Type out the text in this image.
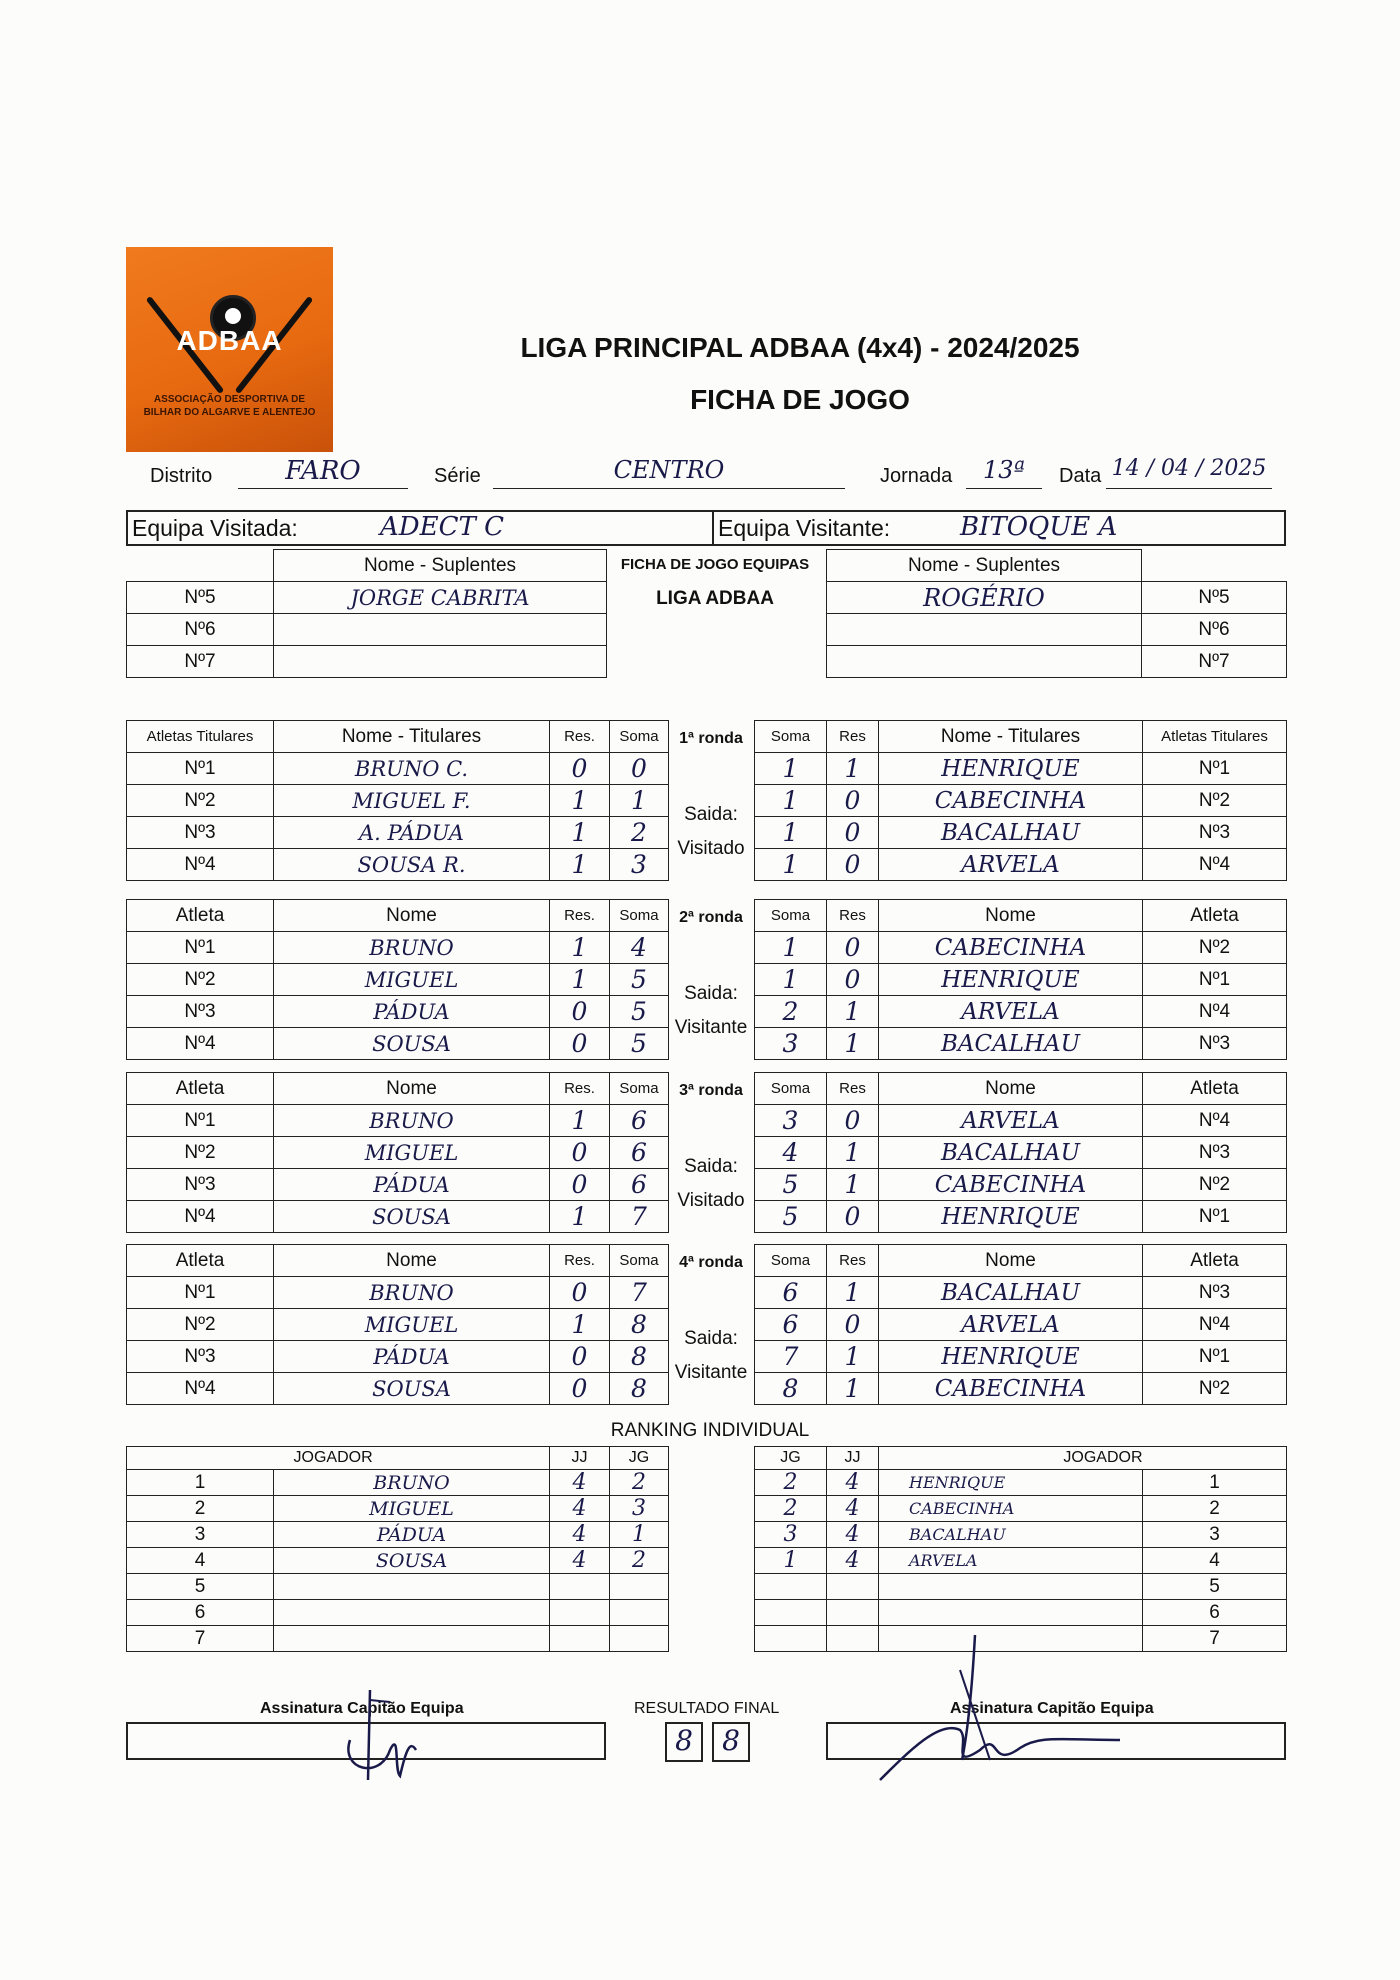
ADBAA
ASSOCIAÇÃO DESPORTIVA DE BILHAR DO ALGARVE E ALENTEJO
LIGA PRINCIPAL ADBAA (4x4) - 2024/2025
FICHA DE JOGO
Distrito	FARO	Série	CENTRO	Jornada	13ª	Data 14 / 04 / 2025
Equipa Visitada:	ADECT C	Equipa Visitante:	BITOQUE A
	Nome - Suplentes
Nº5	JORGE CABRITA
Nº6	
Nº7	
FICHA DE JOGO EQUIPAS
LIGA ADBAA
Nome - Suplentes	
ROGÉRIO	Nº5
	Nº6
	Nº7
Atletas Titulares	Nome - Titulares	Res.	Soma
Nº1	BRUNO C.	0	0
Nº2	MIGUEL F.	1	1
Nº3	A. PÁDUA	1	2
Nº4	SOUSA R.	1	3
1ª ronda
Saida:
Visitado
Soma	Res	Nome - Titulares	Atletas Titulares
1	1	HENRIQUE	Nº1
1	0	CABECINHA	Nº2
1	0	BACALHAU	Nº3
1	0	ARVELA	Nº4
Atleta	Nome	Res.	Soma
Nº1	BRUNO	1	4
Nº2	MIGUEL	1	5
Nº3	PÁDUA	0	5
Nº4	SOUSA	0	5
2ª ronda
Saida:
Visitante
Soma	Res	Nome	Atleta
1	0	CABECINHA	Nº2
1	0	HENRIQUE	Nº1
2	1	ARVELA	Nº4
3	1	BACALHAU	Nº3
Atleta	Nome	Res.	Soma
Nº1	BRUNO	1	6
Nº2	MIGUEL	0	6
Nº3	PÁDUA	0	6
Nº4	SOUSA	1	7
3ª ronda
Saida:
Visitado
Soma	Res	Nome	Atleta
3	0	ARVELA	Nº4
4	1	BACALHAU	Nº3
5	1	CABECINHA	Nº2
5	0	HENRIQUE	Nº1
Atleta	Nome	Res.	Soma
Nº1	BRUNO	0	7
Nº2	MIGUEL	1	8
Nº3	PÁDUA	0	8
Nº4	SOUSA	0	8
4ª ronda
Saida:
Visitante
Soma	Res	Nome	Atleta
6	1	BACALHAU	Nº3
6	0	ARVELA	Nº4
7	1	HENRIQUE	Nº1
8	1	CABECINHA	Nº2
RANKING INDIVIDUAL
	JOGADOR	JJ	JG
1	BRUNO	4	2
2	MIGUEL	4	3
3	PÁDUA	4	1
4	SOUSA	4	2
5			
6			
7			
JG	JJ	JOGADOR	
2	4	HENRIQUE	1
2	4	CABECINHA	2
3	4	BACALHAU	3
1	4	ARVELA	4
			5
			6
			7
Assinatura Capitão Equipa	RESULTADO FINAL
8	8
Assinatura Capitão Equipa
